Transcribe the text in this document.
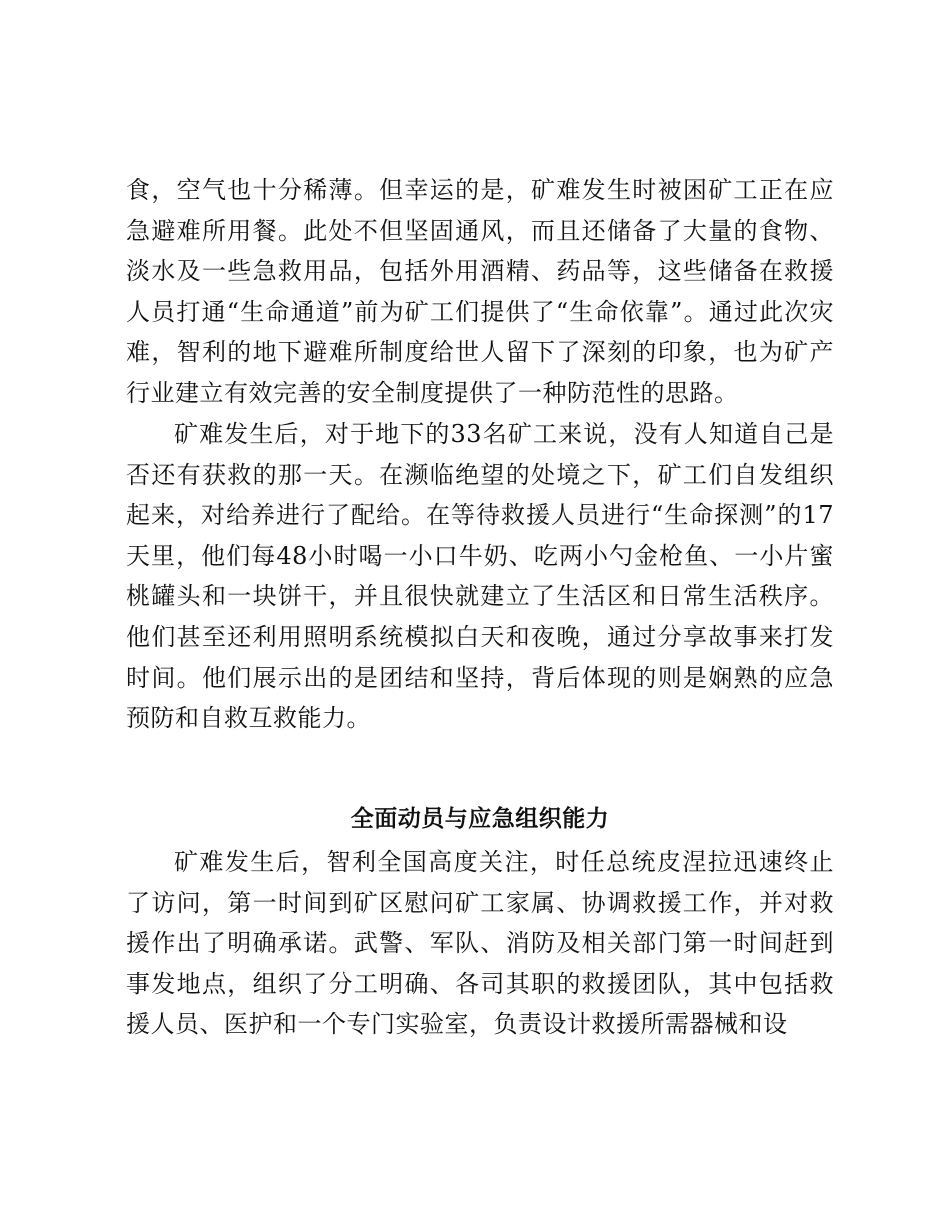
食，空气也十分稀薄。但幸运的是，矿难发生时被困矿工正在应急避难所用餐。此处不但坚固通风，而且还储备了大量的食物、淡水及一些急救用品，包括外用酒精、药品等，这些储备在救援人员打通“生命通道”前为矿工们提供了“生命依靠”。通过此次灾难，智利的地下避难所制度给世人留下了深刻的印象，也为矿产行业建立有效完善的安全制度提供了一种防范性的思路。

矿难发生后，对于地下的33名矿工来说，没有人知道自己是否还有获救的那一天。在濒临绝望的处境之下，矿工们自发组织起来，对给养进行了配给。在等待救援人员进行“生命探测”的17天里，他们每48小时喝一小口牛奶、吃两小勺金枪鱼、一小片蜜桃罐头和一块饼干，并且很快就建立了生活区和日常生活秩序。他们甚至还利用照明系统模拟白天和夜晚，通过分享故事来打发时间。他们展示出的是团结和坚持，背后体现的则是娴熟的应急预防和自救互救能力。

全面动员与应急组织能力

矿难发生后，智利全国高度关注，时任总统皮涅拉迅速终止了访问，第一时间到矿区慰问矿工家属、协调救援工作，并对救援作出了明确承诺。武警、军队、消防及相关部门第一时间赶到事发地点，组织了分工明确、各司其职的救援团队，其中包括救援人员、医护和一个专门实验室，负责设计救援所需器械和设
